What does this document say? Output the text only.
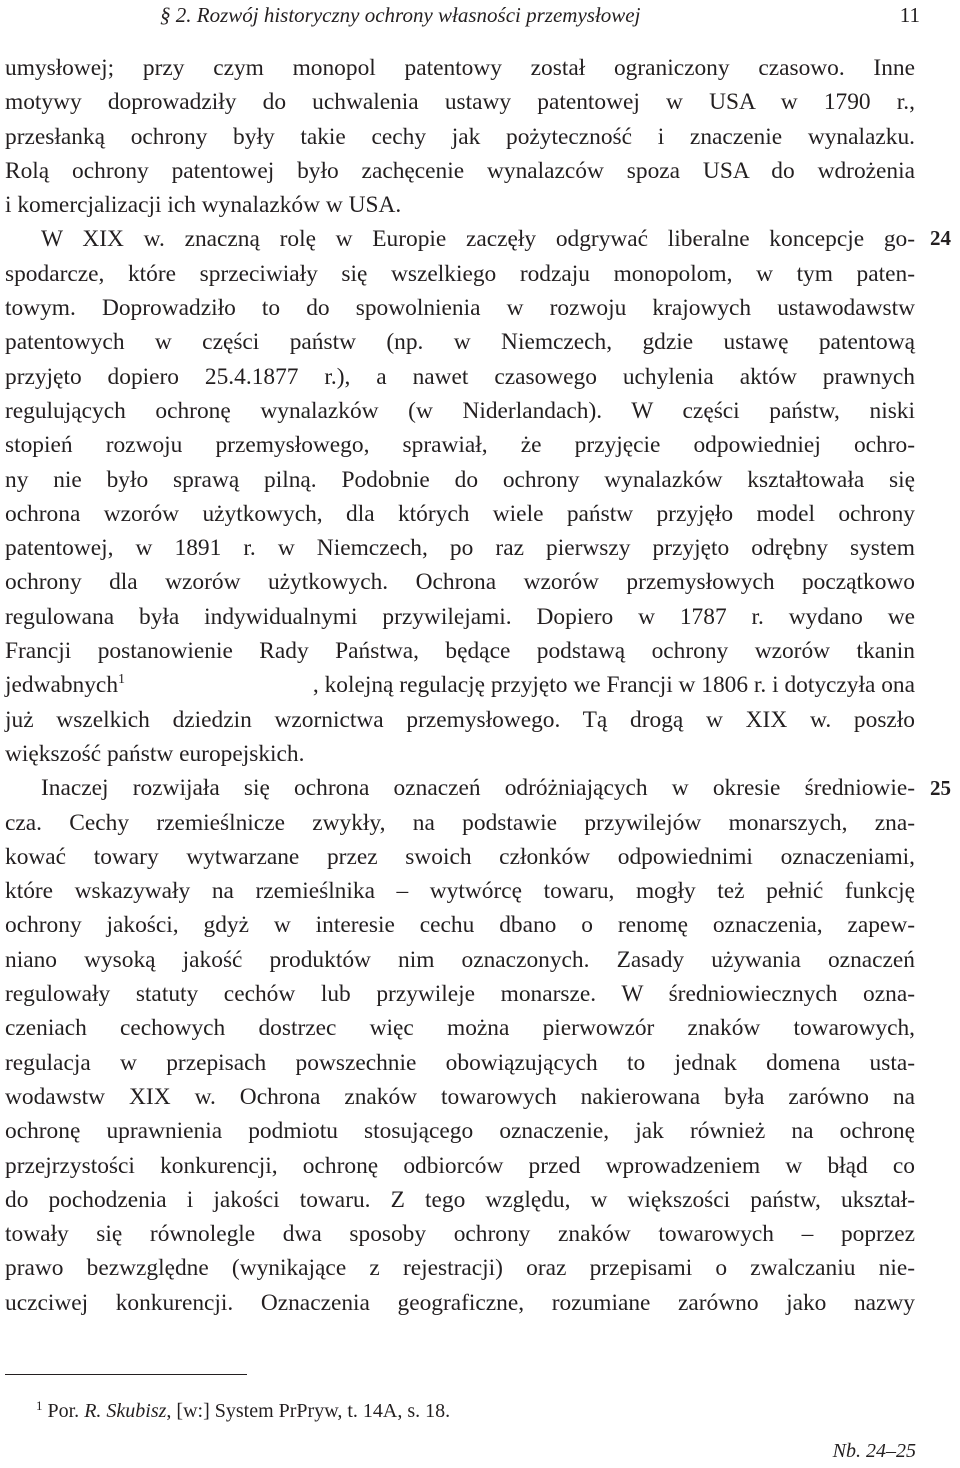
§ 2. Rozwój historyczny ochrony własności przemysłowej	11

umysłowej; przy czym monopol patentowy został ograniczony czasowo. Inne
motywy doprowadziły do uchwalenia ustawy patentowej w USA w 1790 r.,
przesłanką ochrony były takie cechy jak pożyteczność i znaczenie wynalazku.
Rolą ochrony patentowej było zachęcenie wynalazców spoza USA do wdrożenia
i komercjalizacji ich wynalazków w USA.

W XIX w. znaczną rolę w Europie zaczęły odgrywać liberalne koncepcje go-
spodarcze, które sprzeciwiały się wszelkiego rodzaju monopolom, w tym paten-
towym. Doprowadziło to do spowolnienia w rozwoju krajowych ustawodawstw
patentowych w części państw (np. w Niemczech, gdzie ustawę patentową
przyjęto dopiero 25.4.1877 r.), a nawet czasowego uchylenia aktów prawnych
regulujących ochronę wynalazków (w Niderlandach). W części państw, niski
stopień rozwoju przemysłowego, sprawiał, że przyjęcie odpowiedniej ochro-
ny nie było sprawą pilną. Podobnie do ochrony wynalazków kształtowała się
ochrona wzorów użytkowych, dla których wiele państw przyjęło model ochrony
patentowej, w 1891 r. w Niemczech, po raz pierwszy przyjęto odrębny system
ochrony dla wzorów użytkowych. Ochrona wzorów przemysłowych początkowo
regulowana była indywidualnymi przywilejami. Dopiero w 1787 r. wydano we
Francji postanowienie Rady Państwa, będące podstawą ochrony wzorów tkanin
jedwabnych$^1$	, kolejną regulację przyjęto we Francji w 1806 r. i dotyczyła ona
już wszelkich dziedzin wzornictwa przemysłowego. Tą drogą w XIX w. poszło
większość państw europejskich.

Inaczej rozwijała się ochrona oznaczeń odróżniających w okresie średniowie-
cza. Cechy rzemieślnicze zwykły, na podstawie przywilejów monarszych, zna-
kować towary wytwarzane przez swoich członków odpowiednimi oznaczeniami,
które wskazywały na rzemieślnika – wytwórcę towaru, mogły też pełnić funkcję
ochrony jakości, gdyż w interesie cechu dbano o renomę oznaczenia, zapew-
niano wysoką jakość produktów nim oznaczonych. Zasady używania oznaczeń
regulowały statuty cechów lub przywileje monarsze. W średniowiecznych ozna-
czeniach cechowych dostrzec więc można pierwowzór znaków towarowych,
regulacja w przepisach powszechnie obowiązujących to jednak domena usta-
wodawstw XIX w. Ochrona znaków towarowych nakierowana była zarówno na
ochronę uprawnienia podmiotu stosującego oznaczenie, jak również na ochronę
przejrzystości konkurencji, ochronę odbiorców przed wprowadzeniem w błąd co
do pochodzenia i jakości towaru. Z tego względu, w większości państw, ukształ-
towały się równolegle dwa sposoby ochrony znaków towarowych – poprzez
prawo bezwzględne (wynikające z rejestracji) oraz przepisami o zwalczaniu nie-
uczciwej konkurencji. Oznaczenia geograficzne, rozumiane zarówno jako nazwy

24
25
$^1$ Por. R. Skubisz, [w:] System PrPryw, t. 14A, s. 18.
Nb. 24–25
